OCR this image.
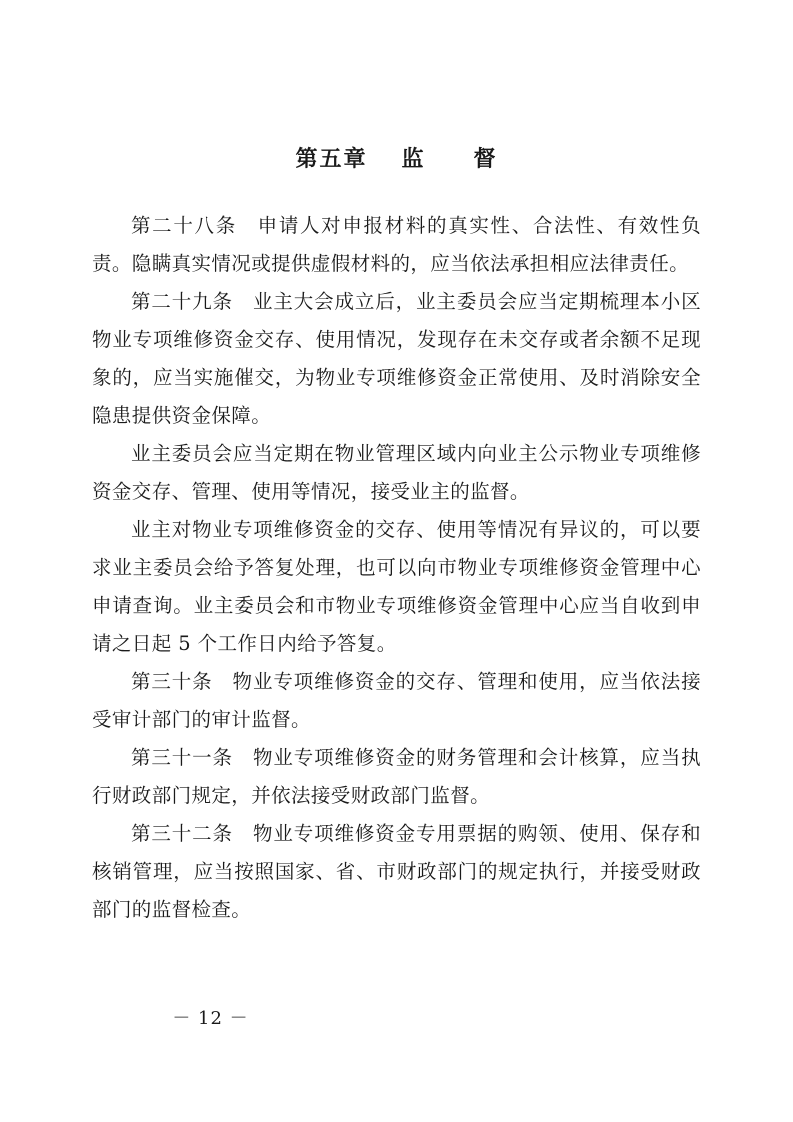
第五章 监　　督

第二十八条 申请人对申报材料的真实性、合法性、有效性负责。隐瞒真实情况或提供虚假材料的，应当依法承担相应法律责任。

第二十九条 业主大会成立后，业主委员会应当定期梳理本小区物业专项维修资金交存、使用情况，发现存在未交存或者余额不足现象的，应当实施催交，为物业专项维修资金正常使用、及时消除安全隐患提供资金保障。

业主委员会应当定期在物业管理区域内向业主公示物业专项维修资金交存、管理、使用等情况，接受业主的监督。

业主对物业专项维修资金的交存、使用等情况有异议的，可以要求业主委员会给予答复处理，也可以向市物业专项维修资金管理中心申请查询。业主委员会和市物业专项维修资金管理中心应当自收到申请之日起 5 个工作日内给予答复。

第三十条 物业专项维修资金的交存、管理和使用，应当依法接受审计部门的审计监督。

第三十一条 物业专项维修资金的财务管理和会计核算，应当执行财政部门规定，并依法接受财政部门监督。

第三十二条 物业专项维修资金专用票据的购领、使用、保存和核销管理，应当按照国家、省、市财政部门的规定执行，并接受财政部门的监督检查。

－ 12 －
